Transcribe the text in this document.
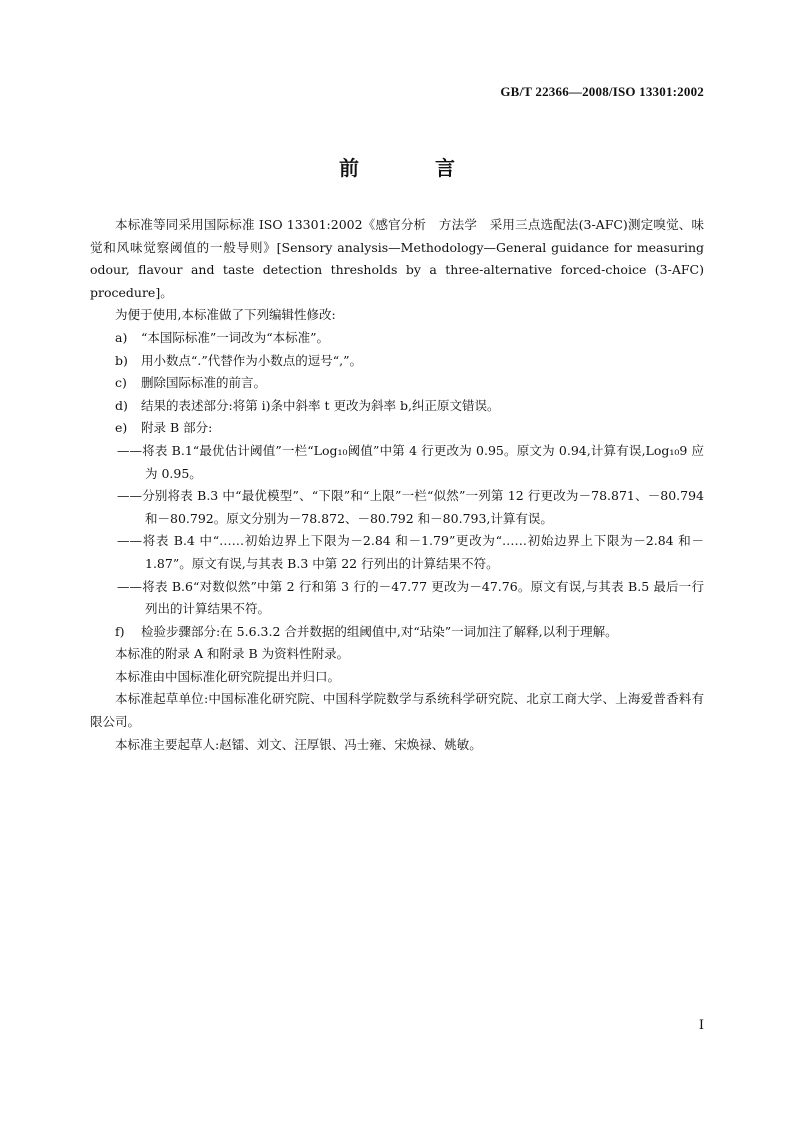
GB/T 22366—2008/ISO 13301:2002
前　言

本标准等同采用国际标准 ISO 13301:2002《感官分析　方法学　采用三点选配法(3-AFC)测定嗅觉、味觉和风味觉察阈值的一般导则》[Sensory analysis—Methodology—General guidance for measuring odour, flavour and taste detection thresholds by a three-alternative forced-choice (3-AFC) procedure]。

为便于使用,本标准做了下列编辑性修改:

a)	“本国际标准”一词改为“本标准”。

b)	用小数点“.”代替作为小数点的逗号“,”。

c)	删除国际标准的前言。

d)	结果的表述部分:将第 i)条中斜率 t 更改为斜率 b,纠正原文错误。

e)	附录 B 部分:

——将表 B.1“最优估计阈值”一栏“Log₁₀阈值”中第 4 行更改为 0.95。原文为 0.94,计算有误,Log₁₀9 应为 0.95。

——分别将表 B.3 中“最优模型”、“下限”和“上限”一栏“似然”一列第 12 行更改为－78.871、－80.794 和－80.792。原文分别为－78.872、－80.792 和－80.793,计算有误。

——将表 B.4 中“……初始边界上下限为－2.84 和－1.79”更改为“……初始边界上下限为－2.84 和－1.87”。原文有误,与其表 B.3 中第 22 行列出的计算结果不符。

——将表 B.6“对数似然”中第 2 行和第 3 行的－47.77 更改为－47.76。原文有误,与其表 B.5 最后一行列出的计算结果不符。

f)	检验步骤部分:在 5.6.3.2 合并数据的组阈值中,对“玷染”一词加注了解释,以利于理解。

本标准的附录 A 和附录 B 为资料性附录。

本标准由中国标准化研究院提出并归口。

本标准起草单位:中国标准化研究院、中国科学院数学与系统科学研究院、北京工商大学、上海爱普香料有限公司。

本标准主要起草人:赵镭、刘文、汪厚银、冯士雍、宋焕禄、姚敏。

I
